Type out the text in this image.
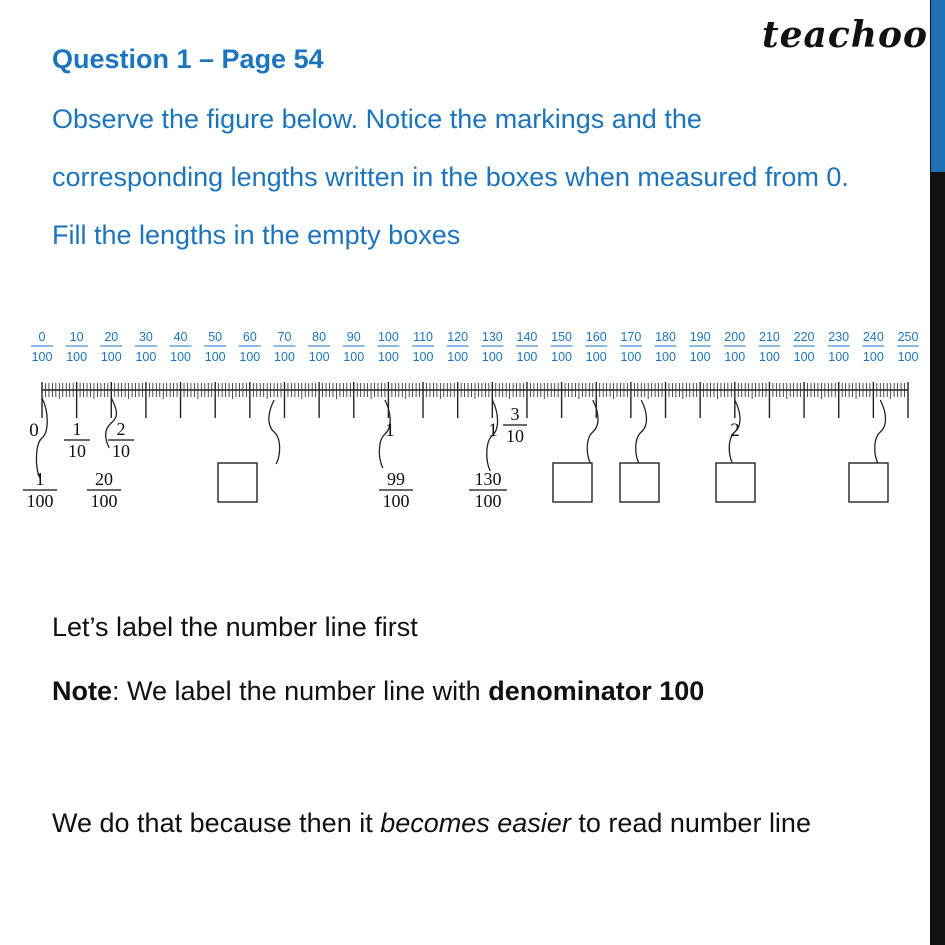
teachoo
Question 1 – Page 54
Observe the figure below. Notice the markings and the
corresponding lengths written in the boxes when measured from 0.
Fill the lengths in the empty boxes
0
100
10
100
20
100
30
100
40
100
50
100
60
100
70
100
80
100
90
100
100
100
110
100
120
100
130
100
140
100
150
100
160
100
170
100
180
100
190
100
200
100
210
100
220
100
230
100
240
100
250
100
0 1
10
2
10
1
100
20
100
1
99
100
1
3
10
130
100
2
Let’s label the number line first
Note: We label the number line with denominator 100
We do that because then it becomes easier to read number line
